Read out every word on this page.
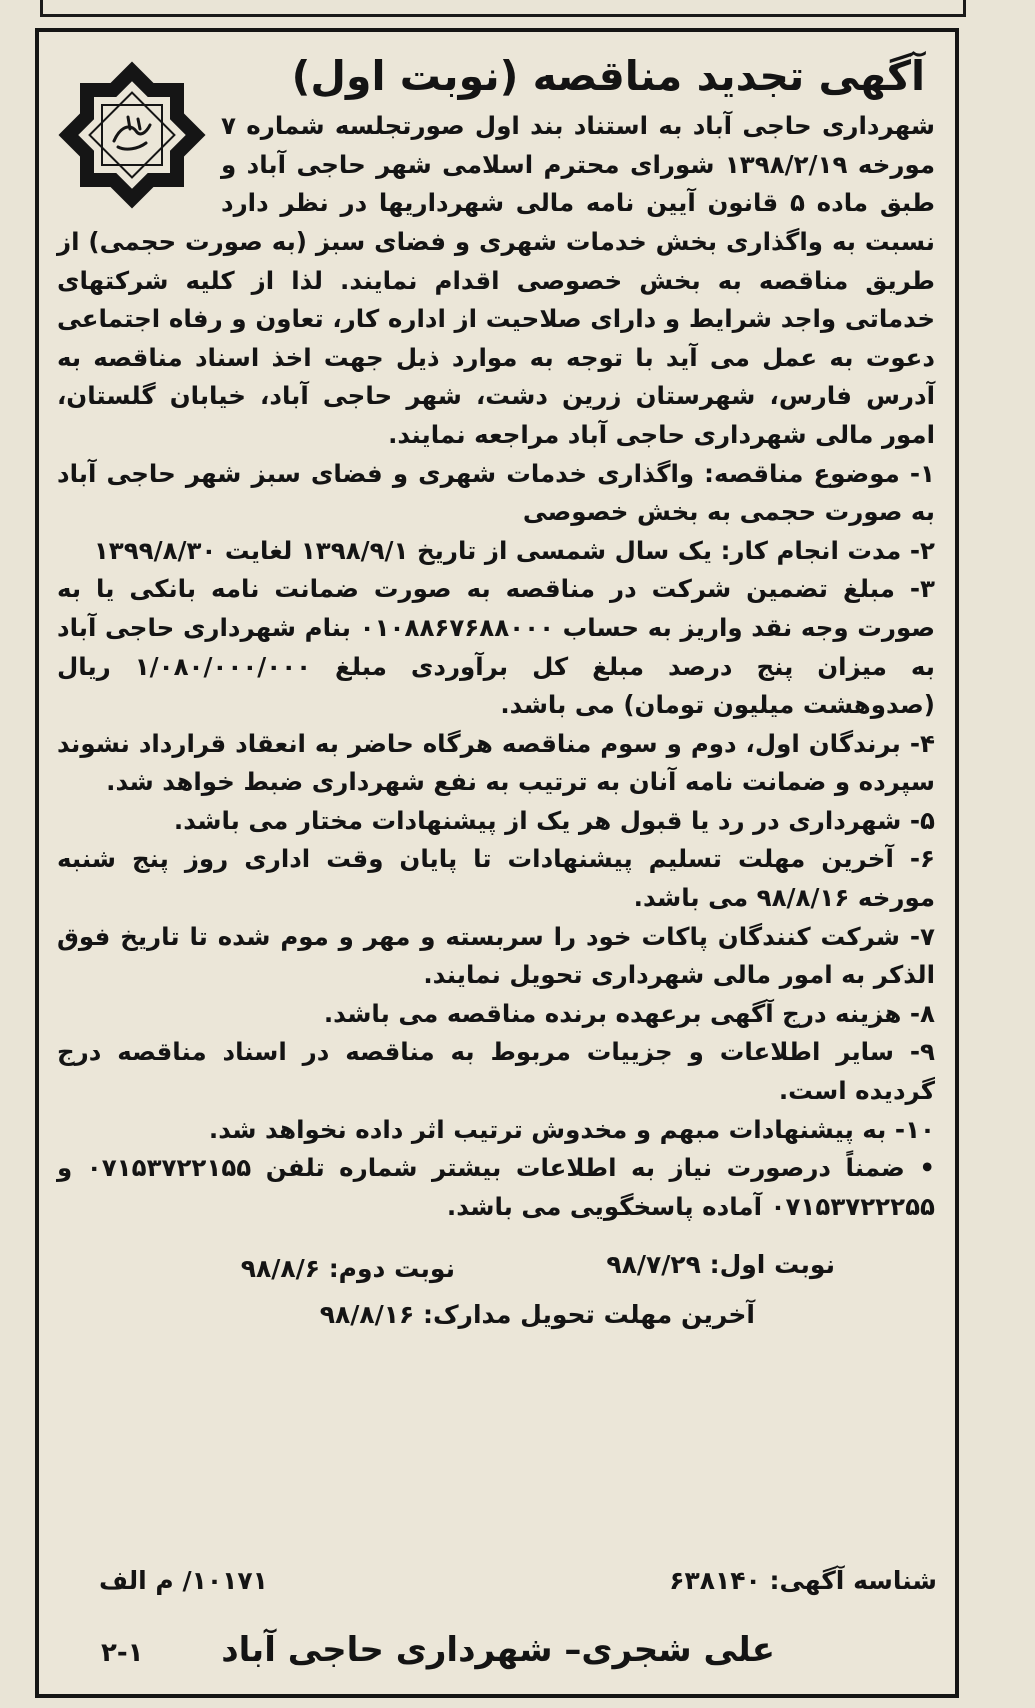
آگهی تجدید مناقصه (نوبت اول)

شهرداری حاجی آباد به استناد بند اول صورتجلسه شماره ۷ مورخه ۱۳۹۸/۲/۱۹ شورای محترم اسلامی شهر حاجی آباد و طبق ماده ۵ قانون آیین نامه مالی شهرداریها در نظر دارد نسبت به واگذاری بخش خدمات شهری و فضای سبز (به صورت حجمی) از طریق مناقصه به بخش خصوصی اقدام نمایند. لذا از کلیه شرکتهای خدماتی واجد شرایط و دارای صلاحیت از اداره کار، تعاون و رفاه اجتماعی دعوت به عمل می آید با توجه به موارد ذیل جهت اخذ اسناد مناقصه به آدرس فارس، شهرستان زرین دشت، شهر حاجی آباد، خیابان گلستان، امور مالی شهرداری حاجی آباد مراجعه نمایند.

۱- موضوع مناقصه: واگذاری خدمات شهری و فضای سبز شهر حاجی آباد به صورت حجمی به بخش خصوصی

۲- مدت انجام کار: یک سال شمسی از تاریخ ۱۳۹۸/۹/۱ لغایت ۱۳۹۹/۸/۳۰

۳- مبلغ تضمین شرکت در مناقصه به صورت ضمانت نامه بانکی یا به صورت وجه نقد واریز به حساب ۰۱۰۸۸۶۷۶۸۸۰۰۰ بنام شهرداری حاجی آباد به میزان پنج درصد مبلغ کل برآوردی مبلغ ۱/۰۸۰/۰۰۰/۰۰۰ ریال (صدوهشت میلیون تومان) می باشد.

۴- برندگان اول، دوم و سوم مناقصه هرگاه حاضر به انعقاد قرارداد نشوند سپرده و ضمانت نامه آنان به ترتیب به نفع شهرداری ضبط خواهد شد.

۵- شهرداری در رد یا قبول هر یک از پیشنهادات مختار می باشد.

۶- آخرین مهلت تسلیم پیشنهادات تا پایان وقت اداری روز پنج شنبه مورخه ۹۸/۸/۱۶ می باشد.

۷- شرکت کنندگان پاکات خود را سربسته و مهر و موم شده تا تاریخ فوق الذکر به امور مالی شهرداری تحویل نمایند.

۸- هزینه درج آگهی برعهده برنده مناقصه می باشد.

۹- سایر اطلاعات و جزییات مربوط به مناقصه در اسناد مناقصه درج گردیده است.

۱۰- به پیشنهادات مبهم و مخدوش ترتیب اثر داده نخواهد شد.

• ضمناً درصورت نیاز به اطلاعات بیشتر شماره تلفن ۰۷۱۵۳۷۲۲۱۵۵ و ۰۷۱۵۳۷۲۲۲۵۵ آماده پاسخگویی می باشد.

نوبت اول: ۹۸/۷/۲۹
نوبت دوم: ۹۸/۸/۶
آخرین مهلت تحویل مدارک: ۹۸/۸/۱۶
شناسه آگهی: ۶۳۸۱۴۰
۱۰۱۷۱/ م الف
علی شجری– شهرداری حاجی آباد
۲-۱
